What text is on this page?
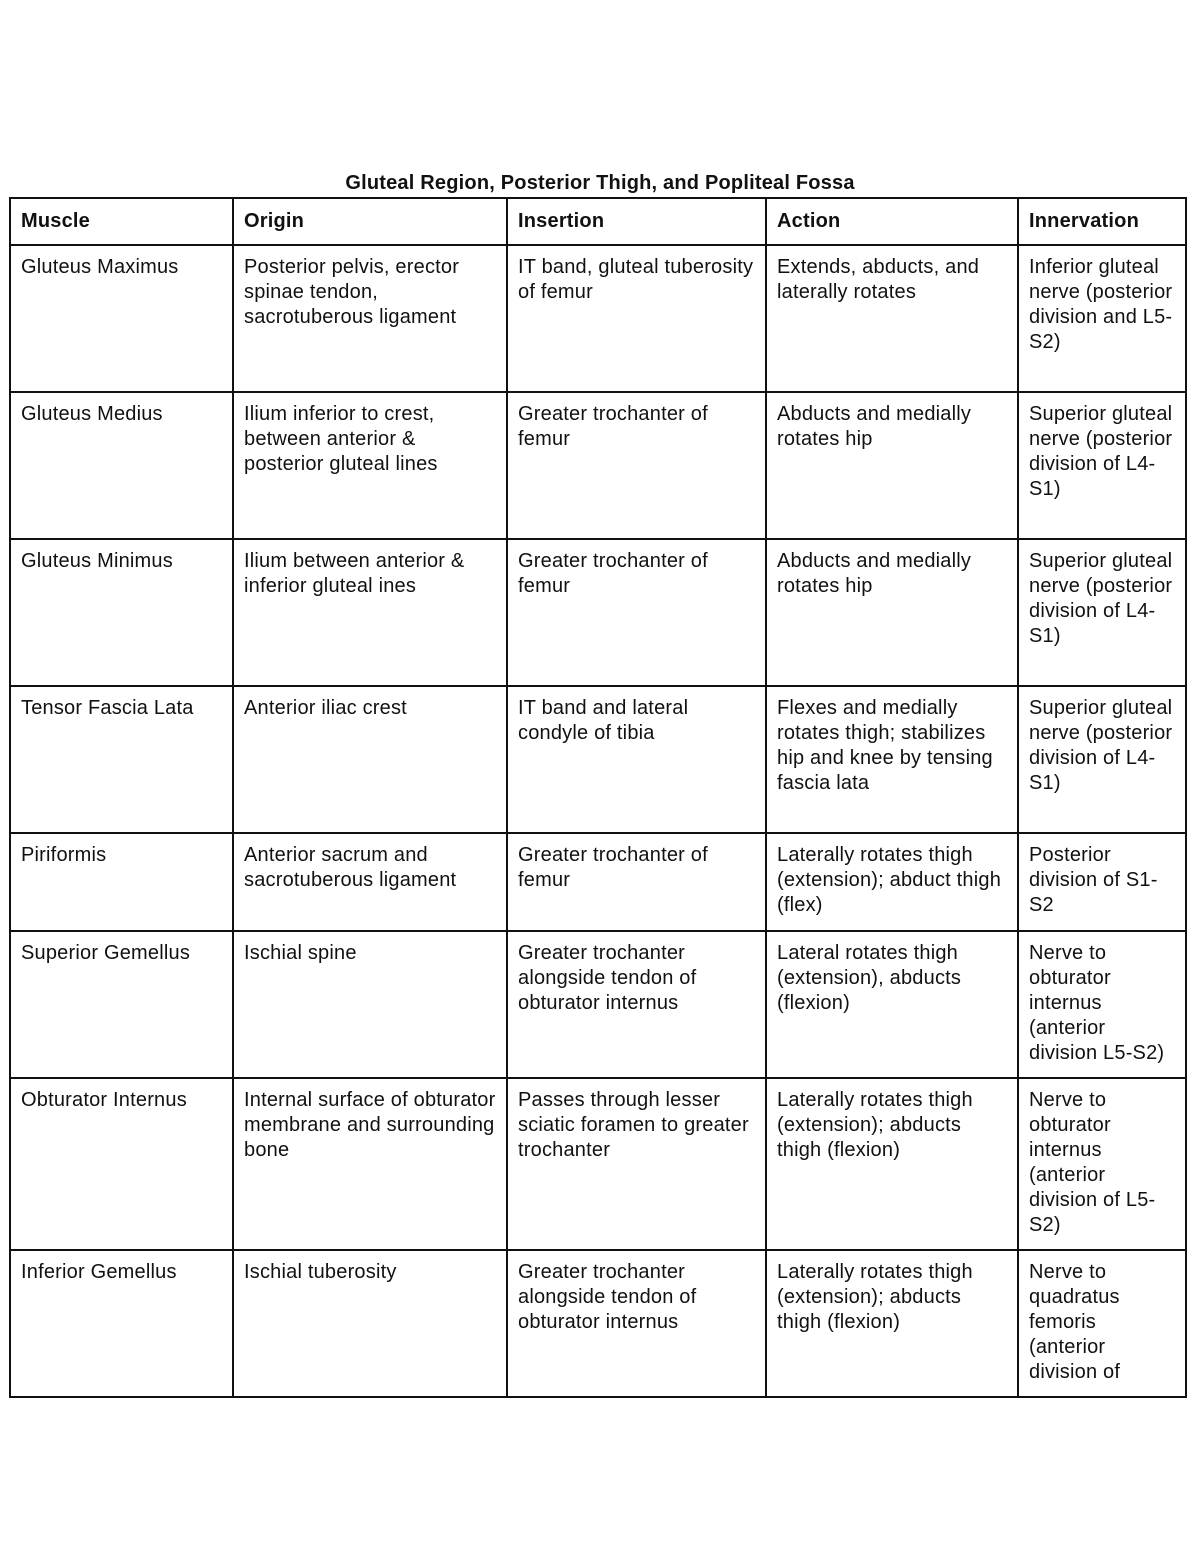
Gluteal Region, Posterior Thigh, and Popliteal Fossa
Muscle	Origin	Insertion	Action	Innervation
Gluteus Maximus	Posterior pelvis, erector spinae tendon, sacrotuberous ligament	IT band, gluteal tuberosity of femur	Extends, abducts, and laterally rotates	Inferior gluteal nerve (posterior division and L5-S2)
Gluteus Medius	Ilium inferior to crest, between anterior & posterior gluteal lines	Greater trochanter of femur	Abducts and medially rotates hip	Superior gluteal nerve (posterior division of L4-S1)
Gluteus Minimus	Ilium between anterior & inferior gluteal ines	Greater trochanter of femur	Abducts and medially rotates hip	Superior gluteal nerve (posterior division of L4-S1)
Tensor Fascia Lata	Anterior iliac crest	IT band and lateral condyle of tibia	Flexes and medially rotates thigh; stabilizes hip and knee by tensing fascia lata	Superior gluteal nerve (posterior division of L4-S1)
Piriformis	Anterior sacrum and sacrotuberous ligament	Greater trochanter of femur	Laterally rotates thigh (extension); abduct thigh (flex)	Posterior division of S1-S2
Superior Gemellus	Ischial spine	Greater trochanter alongside tendon of obturator internus	Lateral rotates thigh (extension), abducts (flexion)	Nerve to obturator internus (anterior division L5-S2)
Obturator Internus	Internal surface of obturator membrane and surrounding bone	Passes through lesser sciatic foramen to greater trochanter	Laterally rotates thigh (extension); abducts thigh (flexion)	Nerve to obturator internus (anterior division of L5-S2)
Inferior Gemellus	Ischial tuberosity	Greater trochanter alongside tendon of obturator internus	Laterally rotates thigh (extension); abducts thigh (flexion)	Nerve to quadratus femoris (anterior division of
